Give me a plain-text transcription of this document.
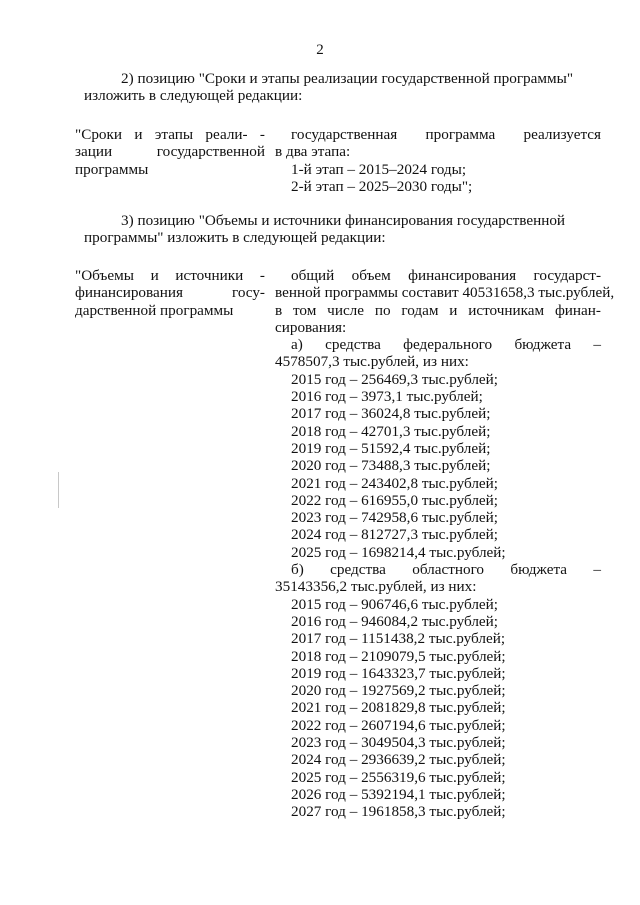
2
2) позицию "Сроки и этапы реализации государственной программы"
изложить в следующей редакции:
"Сроки и этапы реали- -
зации государственной
программы
государственная программа реализуется
в два этапа:
1-й этап – 2015–2024 годы;
2-й этап – 2025–2030 годы";
3) позицию "Объемы и источники финансирования государственной
программы" изложить в следующей редакции:
"Объемы и источники -
финансирования госу-
дарственной программы
общий объем финансирования государст-
венной программы составит 40531658,3 тыс.рублей,
в том числе по годам и источникам финан-
сирования:
а) средства федерального бюджета –
4578507,3 тыс.рублей, из них:
2015 год – 256469,3 тыс.рублей;
2016 год – 3973,1 тыс.рублей;
2017 год – 36024,8 тыс.рублей;
2018 год – 42701,3 тыс.рублей;
2019 год – 51592,4 тыс.рублей;
2020 год – 73488,3 тыс.рублей;
2021 год – 243402,8 тыс.рублей;
2022 год – 616955,0 тыс.рублей;
2023 год – 742958,6 тыс.рублей;
2024 год – 812727,3 тыс.рублей;
2025 год – 1698214,4 тыс.рублей;
б) средства областного бюджета –
35143356,2 тыс.рублей, из них:
2015 год – 906746,6 тыс.рублей;
2016 год – 946084,2 тыс.рублей;
2017 год – 1151438,2 тыс.рублей;
2018 год – 2109079,5 тыс.рублей;
2019 год – 1643323,7 тыс.рублей;
2020 год – 1927569,2 тыс.рублей;
2021 год – 2081829,8 тыс.рублей;
2022 год – 2607194,6 тыс.рублей;
2023 год – 3049504,3 тыс.рублей;
2024 год – 2936639,2 тыс.рублей;
2025 год – 2556319,6 тыс.рублей;
2026 год – 5392194,1 тыс.рублей;
2027 год – 1961858,3 тыс.рублей;
